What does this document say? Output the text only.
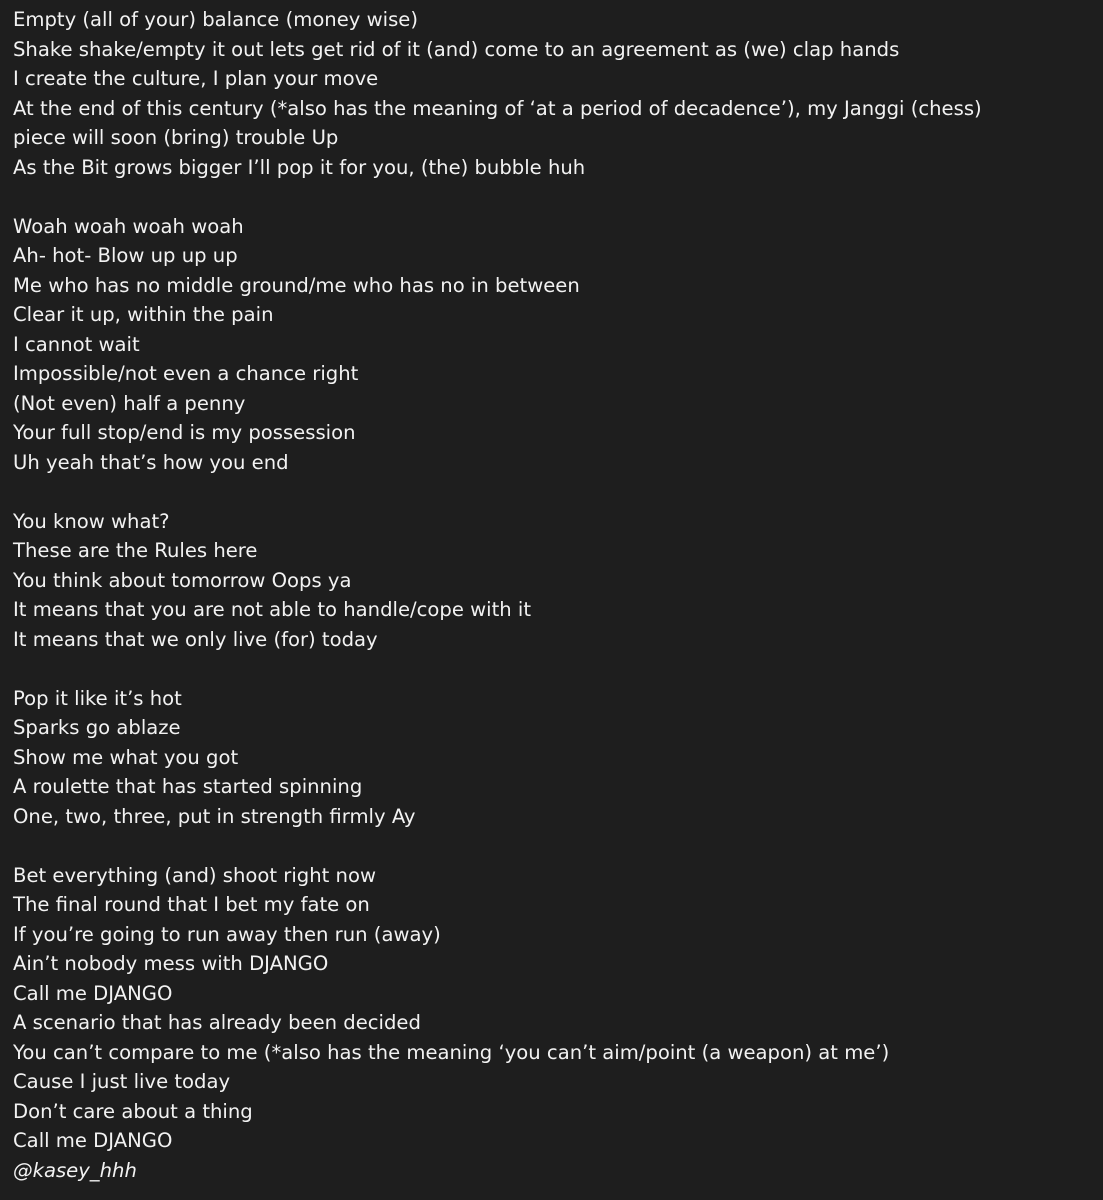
Empty (all of your) balance (money wise)
Shake shake/empty it out lets get rid of it (and) come to an agreement as (we) clap hands
I create the culture, I plan your move
At the end of this century (*also has the meaning of ‘at a period of decadence’), my Janggi (chess)
piece will soon (bring) trouble Up
As the Bit grows bigger I’ll pop it for you, (the) bubble huh
Woah woah woah woah
Ah- hot- Blow up up up
Me who has no middle ground/me who has no in between
Clear it up, within the pain
I cannot wait
Impossible/not even a chance right
(Not even) half a penny
Your full stop/end is my possession
Uh yeah that’s how you end
You know what?
These are the Rules here
You think about tomorrow Oops ya
It means that you are not able to handle/cope with it
It means that we only live (for) today
Pop it like it’s hot
Sparks go ablaze
Show me what you got
A roulette that has started spinning
One, two, three, put in strength firmly Ay
Bet everything (and) shoot right now
The final round that I bet my fate on
If you’re going to run away then run (away)
Ain’t nobody mess with DJANGO
Call me DJANGO
A scenario that has already been decided
You can’t compare to me (*also has the meaning ‘you can’t aim/point (a weapon) at me’)
Cause I just live today
Don’t care about a thing
Call me DJANGO
@kasey_hhh
